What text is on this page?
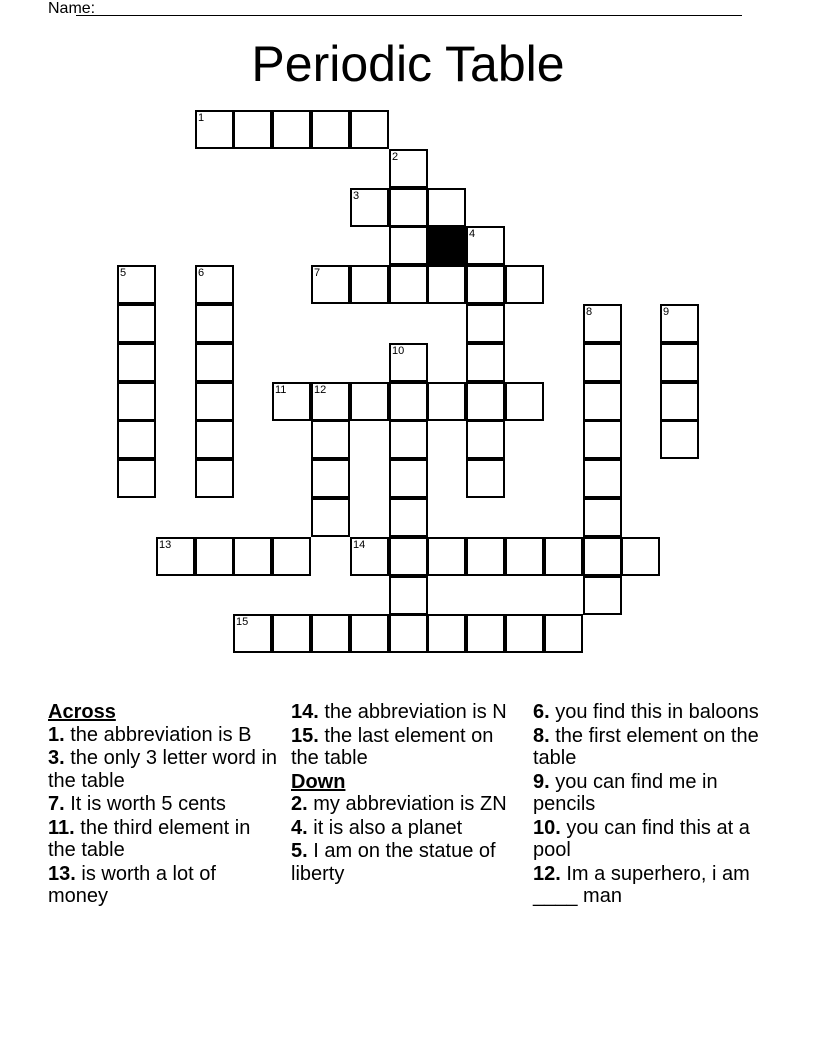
Name:
Periodic Table
1
2
3
4
5	6	7
8	9
10
11	12
13	14
15
Across
1. the abbreviation is B
3. the only 3 letter word in the table
7. It is worth 5 cents
11. the third element in the table
13. is worth a lot of money
14. the abbreviation is N
15. the last element on the table
Down
2. my abbreviation is ZN
4. it is also a planet
5. I am on the statue of liberty
6. you find this in baloons
8. the first element on the table
9. you can find me in pencils
10. you can find this at a pool
12. Im a superhero, i am ____ man
